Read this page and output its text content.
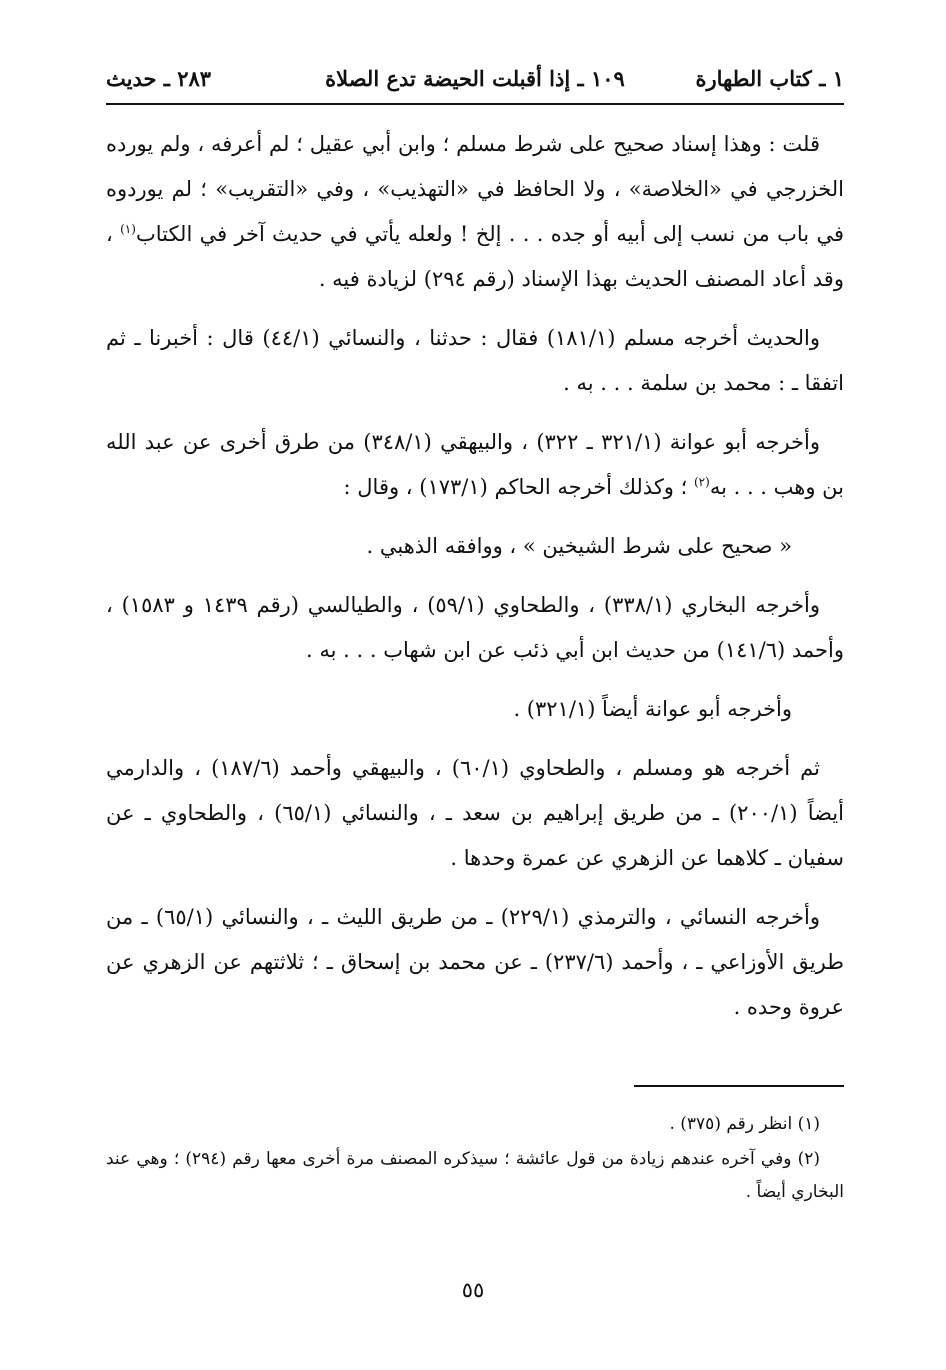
١ ـ كتاب الطهارة
١٠٩ ـ إذا أقبلت الحيضة تدع الصلاة
٢٨٣ ـ حديث

قلت : وهذا إسناد صحيح على شرط مسلم ؛ وابن أبي عقيل ؛ لم أعرفه ، ولم يورده الخزرجي في «الخلاصة» ، ولا الحافظ في «التهذيب» ، وفي «التقريب» ؛ لم يوردوه في باب من نسب إلى أبيه أو جده . . . إلخ ! ولعله يأتي في حديث آخر في الكتاب$^{(١)}$ ، وقد أعاد المصنف الحديث بهذا الإسناد (رقم ٢٩٤) لزيادة فيه .

والحديث أخرجه مسلم (١٨١/١) فقال : حدثنا ، والنسائي (٤٤/١) قال : أخبرنا ـ ثم اتفقا ـ : محمد بن سلمة . . . به .

وأخرجه أبو عوانة (٣٢١/١ ـ ٣٢٢) ، والبيهقي (٣٤٨/١) من طرق أخرى عن عبد الله بن وهب . . . به$^{(٢)}$ ؛ وكذلك أخرجه الحاكم (١٧٣/١) ، وقال :

« صحيح على شرط الشيخين » ، ووافقه الذهبي .

وأخرجه البخاري (٣٣٨/١) ، والطحاوي (٥٩/١) ، والطيالسي (رقم ١٤٣٩ و ١٥٨٣) ، وأحمد (١٤١/٦) من حديث ابن أبي ذئب عن ابن شهاب . . . به .

وأخرجه أبو عوانة أيضاً (٣٢١/١) .

ثم أخرجه هو ومسلم ، والطحاوي (٦٠/١) ، والبيهقي وأحمد (١٨٧/٦) ، والدارمي أيضاً (٢٠٠/١) ـ من طريق إبراهيم بن سعد ـ ، والنسائي (٦٥/١) ، والطحاوي ـ عن سفيان ـ كلاهما عن الزهري عن عمرة وحدها .

وأخرجه النسائي ، والترمذي (٢٢٩/١) ـ من طريق الليث ـ ، والنسائي (٦٥/١) ـ من طريق الأوزاعي ـ ، وأحمد (٢٣٧/٦) ـ عن محمد بن إسحاق ـ ؛ ثلاثتهم عن الزهري عن عروة وحده .

(١) انظر رقم (٣٧٥) .

(٢) وفي آخره عندهم زيادة من قول عائشة ؛ سيذكره المصنف مرة أخرى معها رقم (٢٩٤) ؛ وهي عند البخاري أيضاً .

٥٥
